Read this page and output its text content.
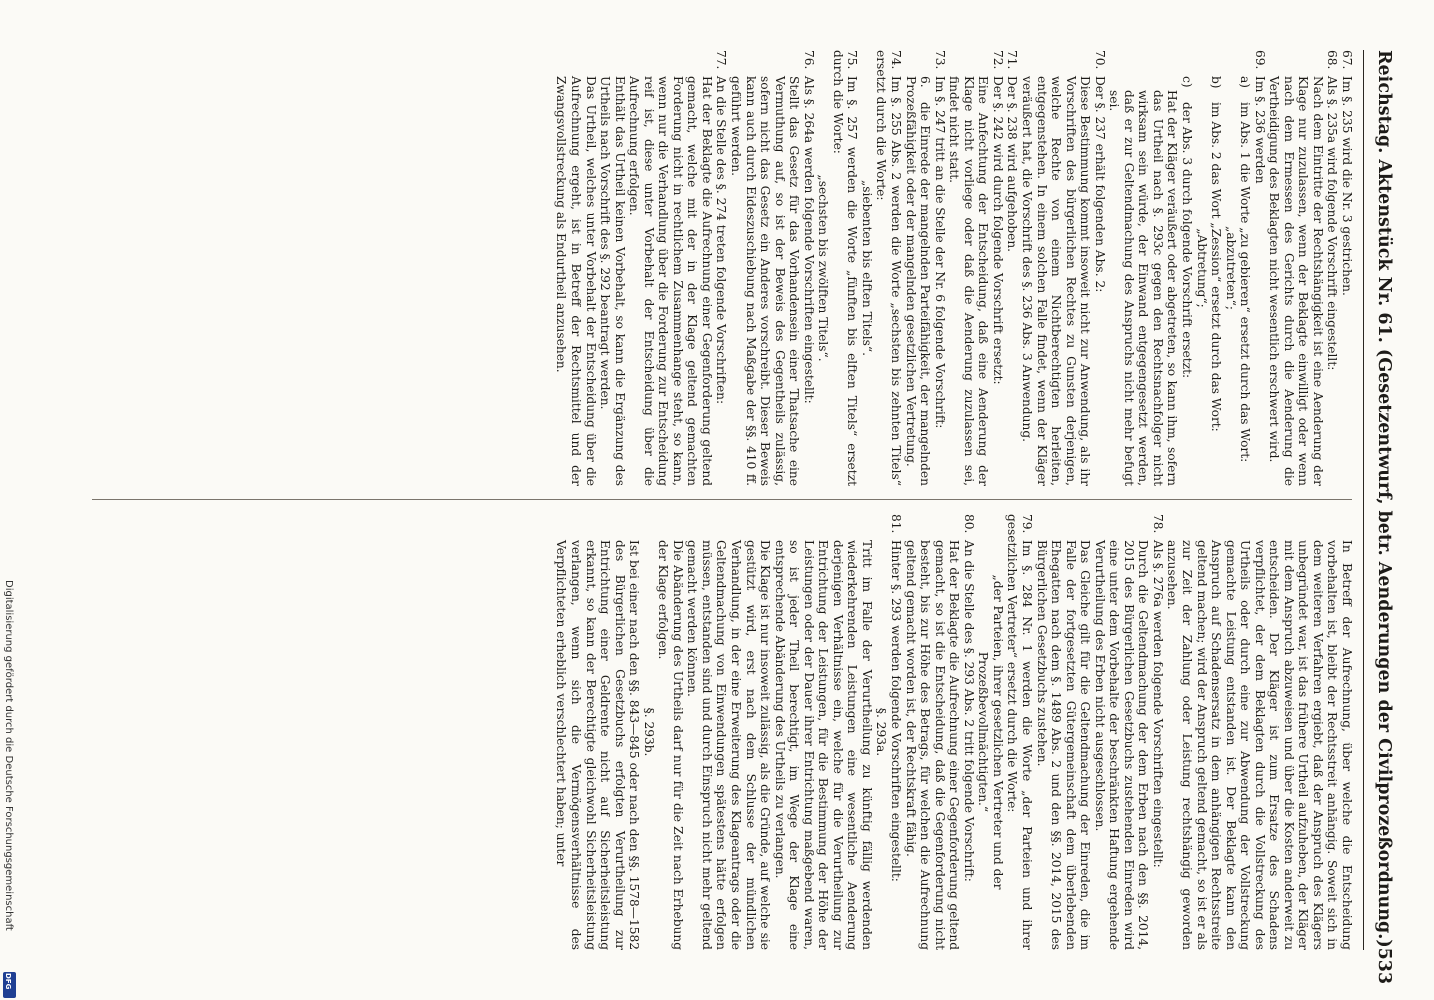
Reichstag. Aktenstück Nr. 61. (Gesetzentwurf, betr. Aenderungen der Civilprozeßordnung.)
533

67.Im §. 235 wird die Nr. 3 gestrichen.

68.Als §. 235a wird folgende Vorschrift eingestellt:

Nach dem Eintritte der Rechtshängigkeit ist eine Aenderung der Klage nur zuzulassen, wenn der Beklagte einwilligt oder wenn nach dem Ermessen des Gerichts durch die Aenderung die Vertheidigung des Beklagten nicht wesentlich erschwert wird.

69.Im §. 236 werden

a)im Abs. 1 die Worte „zu gebieren“ ersetzt durch das Wort:

„abzutreten“;

b)im Abs. 2 das Wort „Zession“ ersetzt durch das Wort:

„Abtretung“;

c)der Abs. 3 durch folgende Vorschrift ersetzt:

Hat der Kläger veräußert oder abgetreten, so kann ihm, sofern das Urtheil nach §. 293c gegen den Rechtsnachfolger nicht wirksam sein würde, der Einwand entgegengesetzt werden, daß er zur Geltendmachung des Anspruchs nicht mehr befugt sei.

70.Der §. 237 erhält folgenden Abs. 2:

Diese Bestimmung kommt insoweit nicht zur Anwendung, als ihr Vorschriften des bürgerlichen Rechtes zu Gunsten derjenigen, welche Rechte von einem Nichtberechtigten herleiten, entgegenstehen. In einem solchen Falle findet, wenn der Kläger veräußert hat, die Vorschrift des §. 236 Abs. 3 Anwendung.

71.Der §. 238 wird aufgehoben.

72.Der §. 242 wird durch folgende Vorschrift ersetzt:

Eine Anfechtung der Entscheidung, daß eine Aenderung der Klage nicht vorliege oder daß die Aenderung zuzulassen sei, findet nicht statt.

73.Im §. 247 tritt an die Stelle der Nr. 6 folgende Vorschrift:

6.die Einrede der mangelnden Parteifähigkeit, der mangelnden Prozeßfähigkeit oder der mangelnden gesetzlichen Vertretung.

74.Im §. 255 Abs. 2 werden die Worte „sechsten bis zehnten Titels“ ersetzt durch die Worte:

„siebenten bis elften Titels“.

75.Im §. 257 werden die Worte „fünften bis elften Titels“ ersetzt durch die Worte:

„sechsten bis zwölften Titels“.

76.Als §. 264a werden folgende Vorschriften eingestellt:

Stellt das Gesetz für das Vorhandensein einer Thatsache eine Vermuthung auf, so ist der Beweis des Gegentheils zulässig, sofern nicht das Gesetz ein Anderes vorschreibt. Dieser Beweis kann auch durch Eideszuschiebung nach Maßgabe der §§. 410 ff. geführt werden.

77.An die Stelle des §. 274 treten folgende Vorschriften:

Hat der Beklagte die Aufrechnung einer Gegenforderung geltend gemacht, welche mit der in der Klage geltend gemachten Forderung nicht in rechtlichem Zusammenhange steht, so kann, wenn nur die Verhandlung über die Forderung zur Entscheidung reif ist, diese unter Vorbehalt der Entscheidung über die Aufrechnung erfolgen.

Enthält das Urtheil keinen Vorbehalt, so kann die Ergänzung des Urtheils nach Vorschrift des §. 292 beantragt werden.

Das Urtheil, welches unter Vorbehalt der Entscheidung über die Aufrechnung ergeht, ist in Betreff der Rechtsmittel und der Zwangsvollstreckung als Endurtheil anzusehen.

In Betreff der Aufrechnung, über welche die Entscheidung vorbehalten ist, bleibt der Rechtsstreit anhängig. Soweit sich in dem weiteren Verfahren ergiebt, daß der Anspruch des Klägers unbegründet war, ist das frühere Urtheil aufzuheben, der Kläger mit dem Anspruch abzuweisen und über die Kosten anderweit zu entscheiden. Der Kläger ist zum Ersatze des Schadens verpflichtet, der dem Beklagten durch die Vollstreckung des Urtheils oder durch eine zur Abwendung der Vollstreckung gemachte Leistung entstanden ist. Der Beklagte kann den Anspruch auf Schadensersatz in dem anhängigen Rechtsstreite geltend machen; wird der Anspruch geltend gemacht, so ist er als zur Zeit der Zahlung oder Leistung rechtshängig geworden anzusehen.

78.Als §. 276a werden folgende Vorschriften eingestellt:

Durch die Geltendmachung der dem Erben nach den §§. 2014, 2015 des Bürgerlichen Gesetzbuchs zustehenden Einreden wird eine unter dem Vorbehalte der beschränkten Haftung ergehende Verurtheilung des Erben nicht ausgeschlossen.

Das Gleiche gilt für die Geltendmachung der Einreden, die im Falle der fortgesetzten Gütergemeinschaft dem überlebenden Ehegatten nach dem §. 1489 Abs. 2 und den §§. 2014, 2015 des Bürgerlichen Gesetzbuchs zustehen.

79.Im §. 284 Nr. 1 werden die Worte „der Parteien und ihrer gesetzlichen Vertreter“ ersetzt durch die Worte:

„der Parteien, ihrer gesetzlichen Vertreter und der Prozeßbevollmächtigten.“

80.An die Stelle des §. 293 Abs. 2 tritt folgende Vorschrift:

Hat der Beklagte die Aufrechnung einer Gegenforderung geltend gemacht, so ist die Entscheidung, daß die Gegenforderung nicht besteht, bis zur Höhe des Betrags, für welchen die Aufrechnung geltend gemacht worden ist, der Rechtskraft fähig.

81.Hinter §. 293 werden folgende Vorschriften eingestellt:

§. 293a.

Tritt im Falle der Verurtheilung zu künftig fällig werdenden wiederkehrenden Leistungen eine wesentliche Aenderung derjenigen Verhältnisse ein, welche für die Verurtheilung zur Entrichtung der Leistungen, für die Bestimmung der Höhe der Leistungen oder der Dauer ihrer Entrichtung maßgebend waren, so ist jeder Theil berechtigt, im Wege der Klage eine entsprechende Abänderung des Urtheils zu verlangen.

Die Klage ist nur insoweit zulässig, als die Gründe, auf welche sie gestützt wird, erst nach dem Schlusse der mündlichen Verhandlung, in der eine Erweiterung des Klageantrags oder die Geltendmachung von Einwendungen spätestens hätte erfolgen müssen, entstanden sind und durch Einspruch nicht mehr geltend gemacht werden können.

Die Abänderung des Urtheils darf nur für die Zeit nach Erhebung der Klage erfolgen.

§. 293b.

Ist bei einer nach den §§. 843—845 oder nach den §§. 1578—1582 des Bürgerlichen Gesetzbuchs erfolgten Verurtheilung zur Entrichtung einer Geldrente nicht auf Sicherheitsleistung erkannt, so kann der Berechtigte gleichwohl Sicherheitsleistung verlangen, wenn sich die Vermögensverhältnisse des Verpflichteten erheblich verschlechtert haben; unter

Digitalisierung gefördert durch die Deutsche Forschungsgemeinschaft
DFG
